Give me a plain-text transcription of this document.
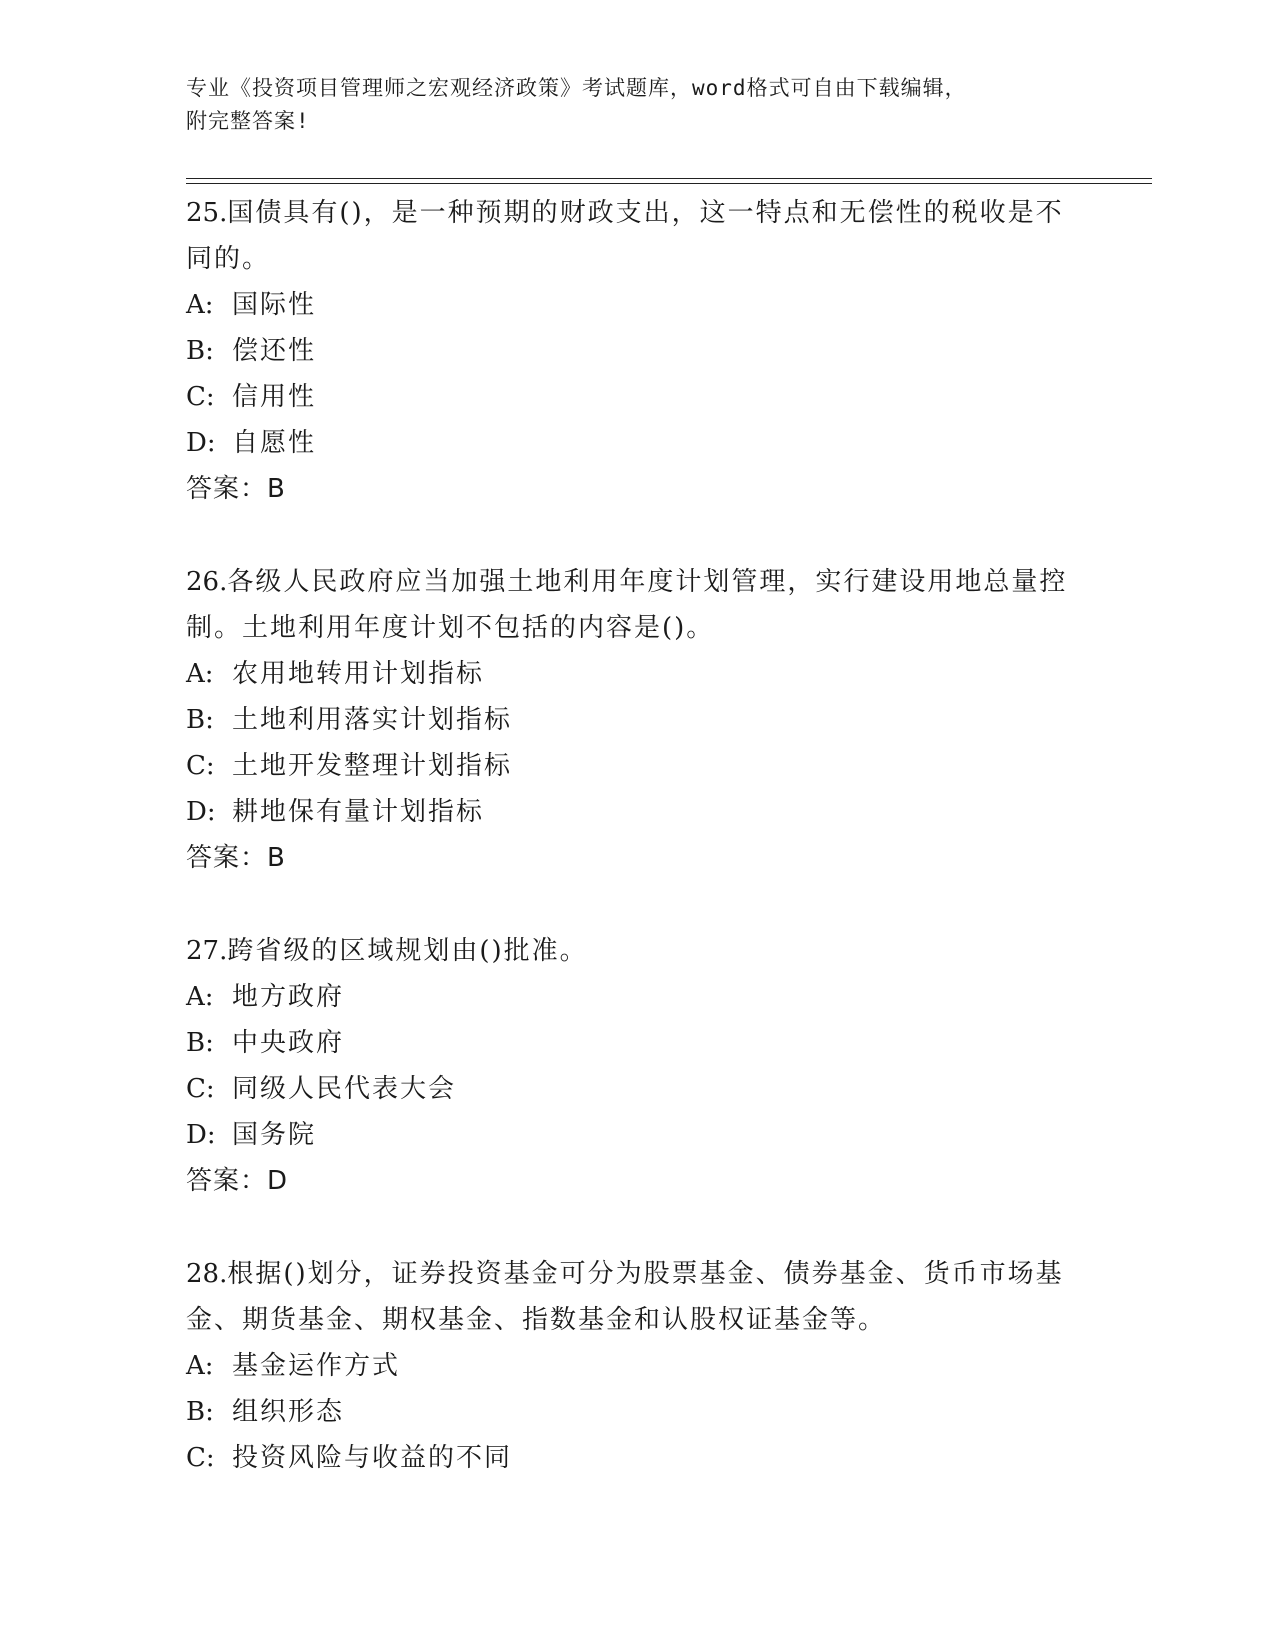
专业《投资项目管理师之宏观经济政策》考试题库，word格式可自由下载编辑，
附完整答案!
25.国债具有()，是一种预期的财政支出，这一特点和无偿性的税收是不同的。
A: 国际性
B: 偿还性
C: 信用性
D: 自愿性
答案：B
26.各级人民政府应当加强土地利用年度计划管理，实行建设用地总量控制。土地利用年度计划不包括的内容是()。
A: 农用地转用计划指标
B: 土地利用落实计划指标
C: 土地开发整理计划指标
D: 耕地保有量计划指标
答案：B
27.跨省级的区域规划由()批准。
A: 地方政府
B: 中央政府
C: 同级人民代表大会
D: 国务院
答案：D
28.根据()划分，证券投资基金可分为股票基金、债券基金、货币市场基金、期货基金、期权基金、指数基金和认股权证基金等。
A: 基金运作方式
B: 组织形态
C: 投资风险与收益的不同
